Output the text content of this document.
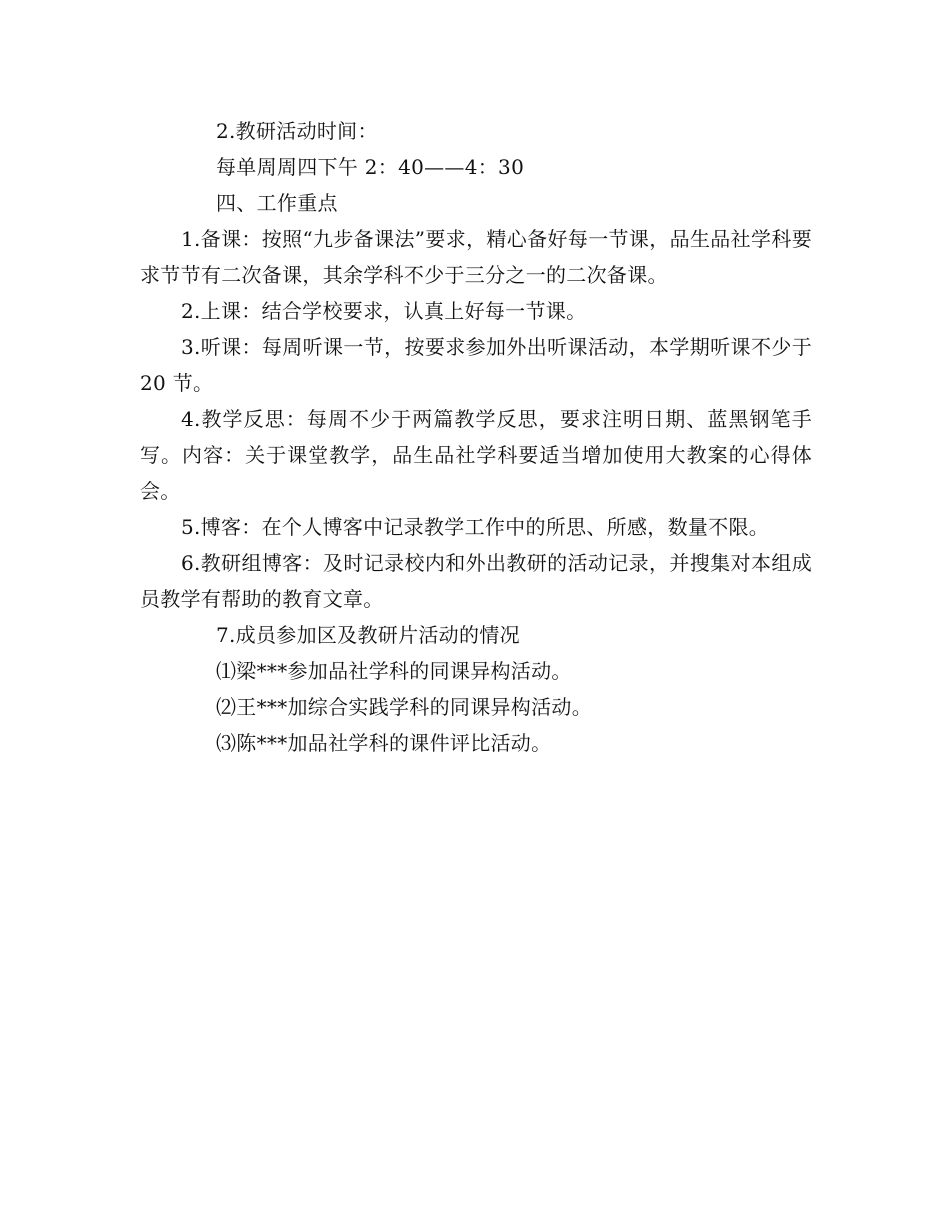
2.教研活动时间：

每单周周四下午 2：40——4：30

四、工作重点

1.备课：按照“九步备课法”要求，精心备好每一节课，品生品社学科要求节节有二次备课，其余学科不少于三分之一的二次备课。

2.上课：结合学校要求，认真上好每一节课。

3.听课：每周听课一节，按要求参加外出听课活动，本学期听课不少于 20 节。

4.教学反思：每周不少于两篇教学反思，要求注明日期、蓝黑钢笔手写。内容：关于课堂教学，品生品社学科要适当增加使用大教案的心得体会。

5.博客：在个人博客中记录教学工作中的所思、所感，数量不限。

6.教研组博客：及时记录校内和外出教研的活动记录，并搜集对本组成员教学有帮助的教育文章。

7.成员参加区及教研片活动的情况

⑴梁***参加品社学科的同课异构活动。

⑵王***加综合实践学科的同课异构活动。

⑶陈***加品社学科的课件评比活动。
